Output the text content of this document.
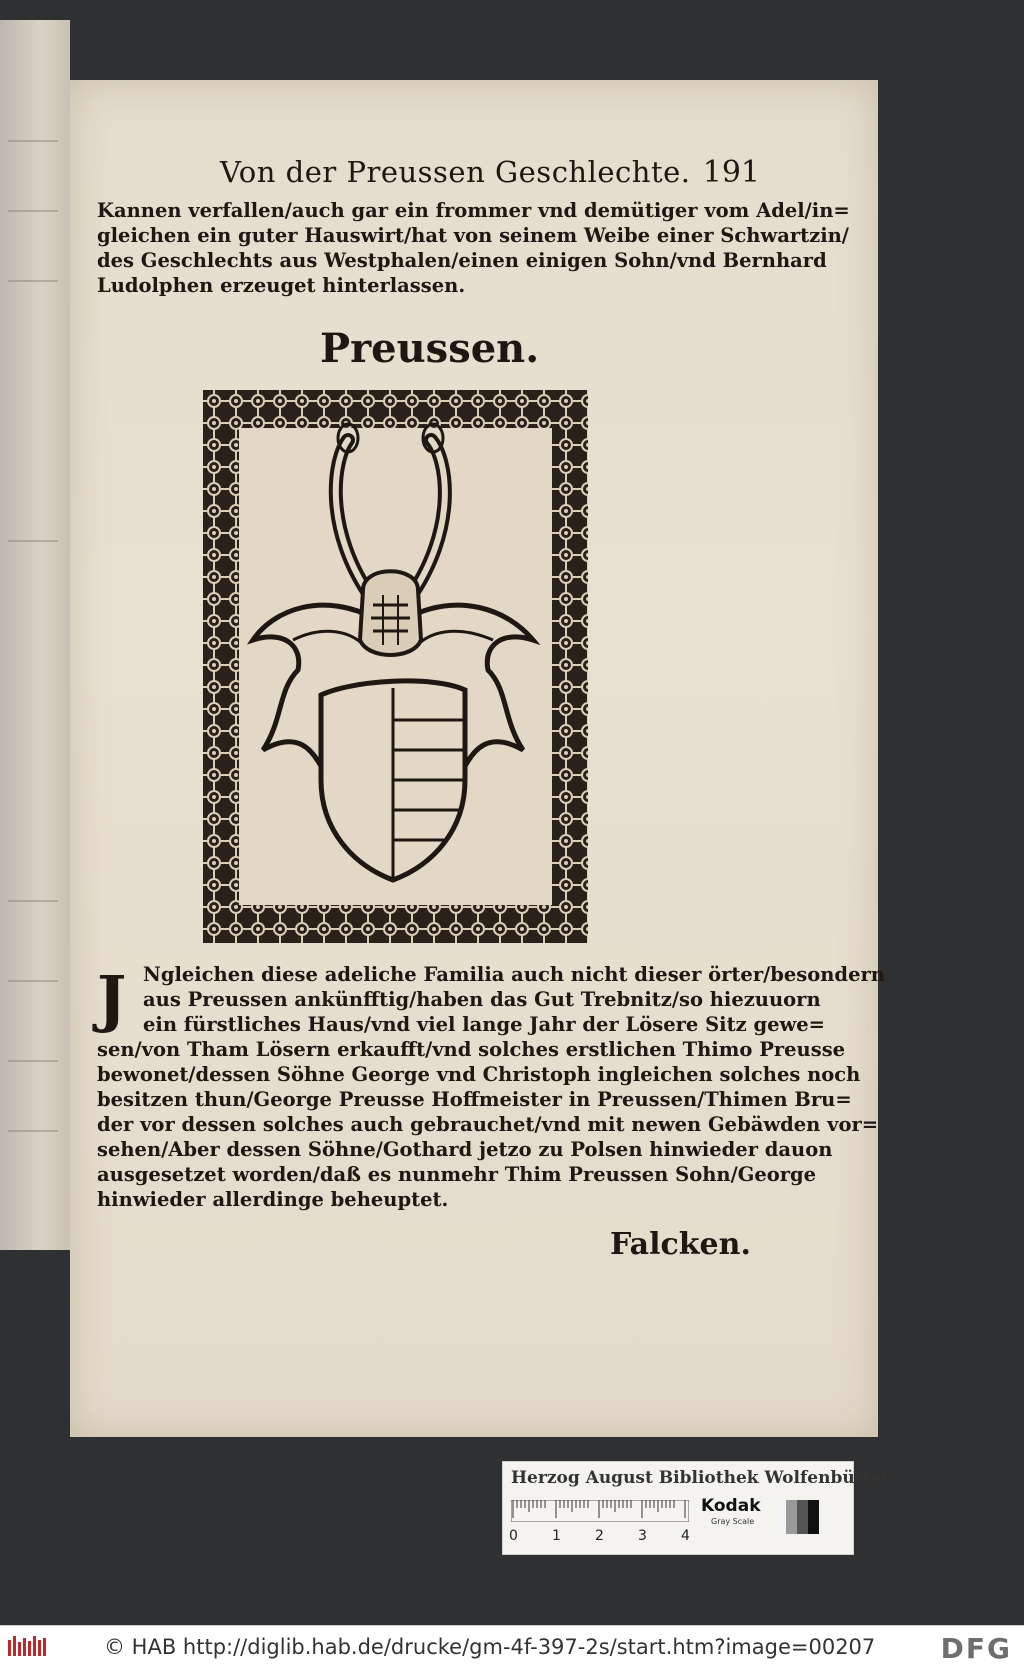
Von der Preussen Geschlechte. 191
Kannen verfallen/auch gar ein frommer vnd demütiger vom Adel/in=
gleichen ein guter Hauswirt/hat von seinem Weibe einer Schwartzin/
des Geschlechts aus Westphalen/einen einigen Sohn/vnd Bernhard
Ludolphen erzeuget hinterlassen.
Preussen.
J Ngleichen diese adeliche Familia auch nicht dieser örter/besondern
aus Preussen ankünfftig/haben das Gut Trebnitz/so hiezuuorn
ein fürstliches Haus/vnd viel lange Jahr der Lösere Sitz gewe=
sen/von Tham Lösern erkaufft/vnd solches erstlichen Thimo Preusse
bewonet/dessen Söhne George vnd Christoph ingleichen solches noch
besitzen thun/George Preusse Hoffmeister in Preussen/Thimen Bru=
der vor dessen solches auch gebrauchet/vnd mit newen Gebäwden vor=
sehen/Aber dessen Söhne/Gothard jetzo zu Polsen hinwieder dauon
ausgesetzet worden/daß es nunmehr Thim Preussen Sohn/George
hinwieder allerdinge beheuptet.
Falcken.
Herzog August Bibliothek Wolfenbüttel
0 1 2 3 4
Kodak
Gray Scale
© HAB http://diglib.hab.de/drucke/gm-4f-397-2s/start.htm?image=00207 DFG
